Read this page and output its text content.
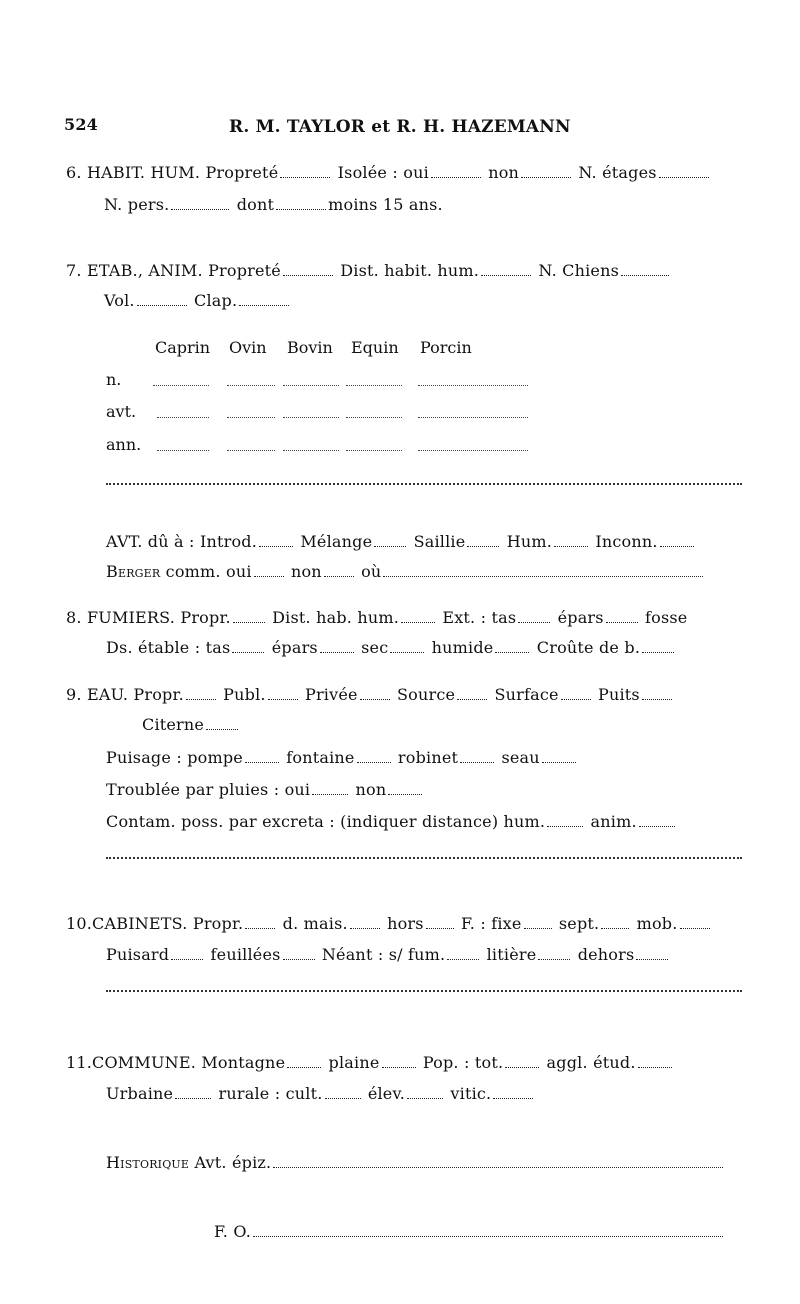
524	R. M. TAYLOR et R. H. HAZEMANN
6. HABIT. HUM. Propreté	Isolée : oui	non	N. étages
N. pers.	dont	moins 15 ans.
7. ETAB., ANIM. Propreté	Dist. habit. hum.	N. Chiens
Vol.	Clap.
Caprin Ovin Bovin Equin Porcin
n.
avt.
ann.
AVT. dû à : Introd.	Mélange	Saillie	Hum.	Inconn.
Berger comm. oui non où
8. FUMIERS. Propr.	Dist. hab. hum.	Ext. : tas	épars	fosse
Ds. étable : tas	épars	sec	humide	Croûte de b.
9. EAU. Propr. Publ. Privée Source Surface Puits
Citerne
Puisage : pompe	fontaine	robinet	seau
Troublée par pluies : oui	non
Contam. poss. par excreta : (indiquer distance) hum.	anim.
10.CABINETS. Propr. d. mais. hors F. : fixe sept. mob.
Puisard	feuillées	Néant : s/ fum.	litière	dehors
11.COMMUNE. Montagne	plaine	Pop. : tot.	aggl. étud.
Urbaine	rurale : cult.	élev.	vitic.
Historique Avt. épiz.
F. O.
